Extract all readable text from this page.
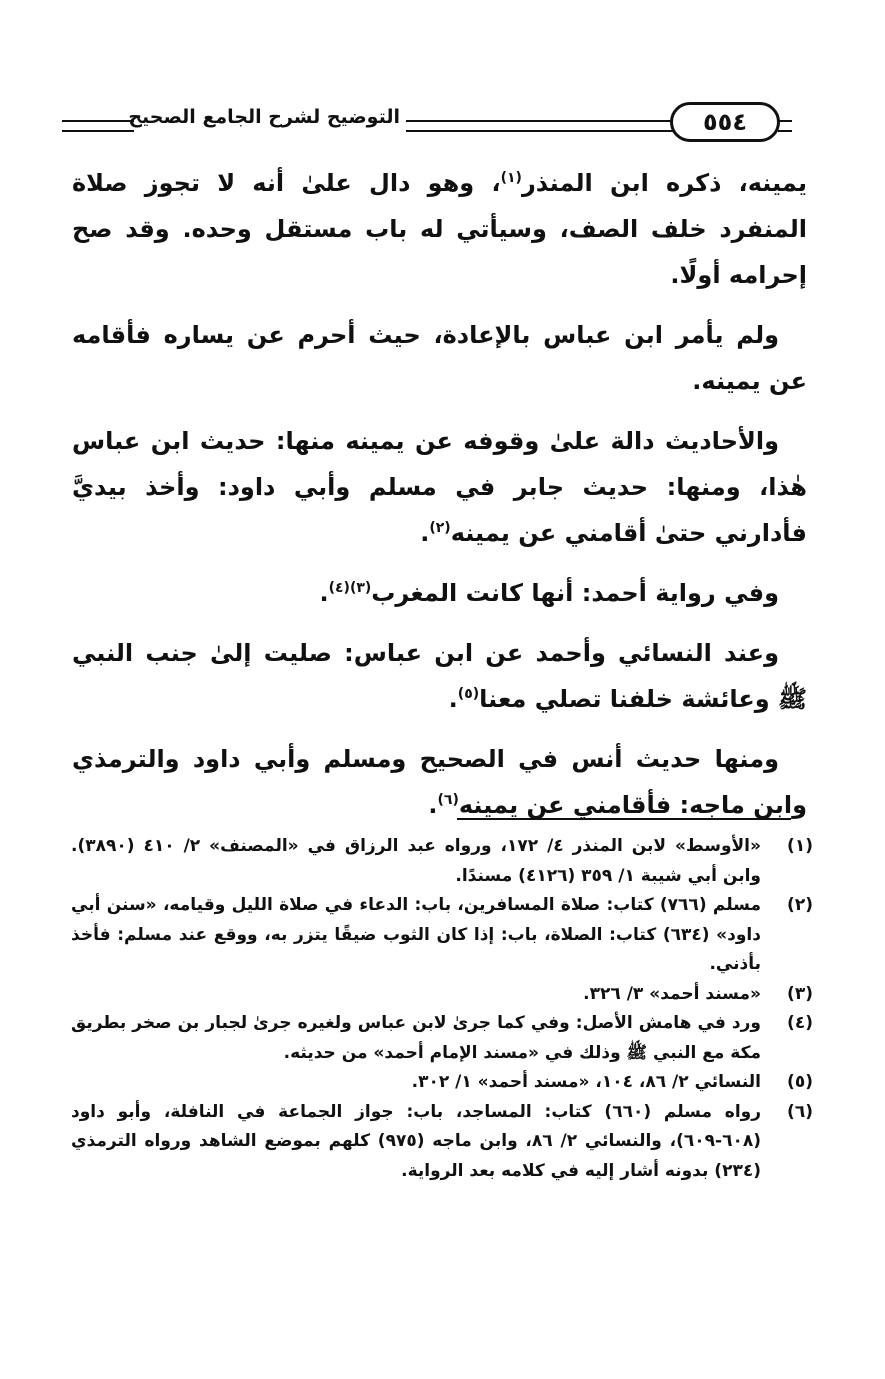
التوضيح لشرح الجامع الصحيح	٥٥٤

يمينه، ذكره ابن المنذر$^{(١)}$، وهو دال علىٰ أنه لا تجوز صلاة المنفرد خلف الصف، وسيأتي له باب مستقل وحده. وقد صح إحرامه أولًا.

ولم يأمر ابن عباس بالإعادة، حيث أحرم عن يساره فأقامه عن يمينه.

والأحاديث دالة علىٰ وقوفه عن يمينه منها: حديث ابن عباس هٰذا، ومنها: حديث جابر في مسلم وأبي داود: وأخذ بيديَّ فأدارني حتىٰ أقامني عن يمينه$^{(٢)}$.

وفي رواية أحمد: أنها كانت المغرب$^{(٣)(٤)}$.

وعند النسائي وأحمد عن ابن عباس: صليت إلىٰ جنب النبي ﷺ وعائشة خلفنا تصلي معنا$^{(٥)}$.

ومنها حديث أنس في الصحيح ومسلم وأبي داود والترمذي وابن ماجه: فأقامني عن يمينه$^{(٦)}$.

(١)
«الأوسط» لابن المنذر ٤/ ١٧٢، ورواه عبد الرزاق في «المصنف» ٢/ ٤١٠ (٣٨٩٠). وابن أبي شيبة ١/ ٣٥٩ (٤١٢٦) مسندًا.
(٢)
مسلم (٧٦٦) كتاب: صلاة المسافرين، باب: الدعاء في صلاة الليل وقيامه، «سنن أبي داود» (٦٣٤) كتاب: الصلاة، باب: إذا كان الثوب ضيقًا يتزر به، ووقع عند مسلم: فأخذ بأذني.
(٣)
«مسند أحمد» ٣/ ٣٢٦.
(٤)
ورد في هامش الأصل: وفي كما جرىٰ لابن عباس ولغيره جرىٰ لجبار بن صخر بطريق مكة مع النبي ﷺ وذلك في «مسند الإمام أحمد» من حديثه.
(٥)
النسائي ٢/ ٨٦، ١٠٤، «مسند أحمد» ١/ ٣٠٢.
(٦)
رواه مسلم (٦٦٠) كتاب: المساجد، باب: جواز الجماعة في النافلة، وأبو داود (٦٠٨-٦٠٩)، والنسائي ٢/ ٨٦، وابن ماجه (٩٧٥) كلهم بموضع الشاهد ورواه الترمذي (٢٣٤) بدونه أشار إليه في كلامه بعد الرواية.
